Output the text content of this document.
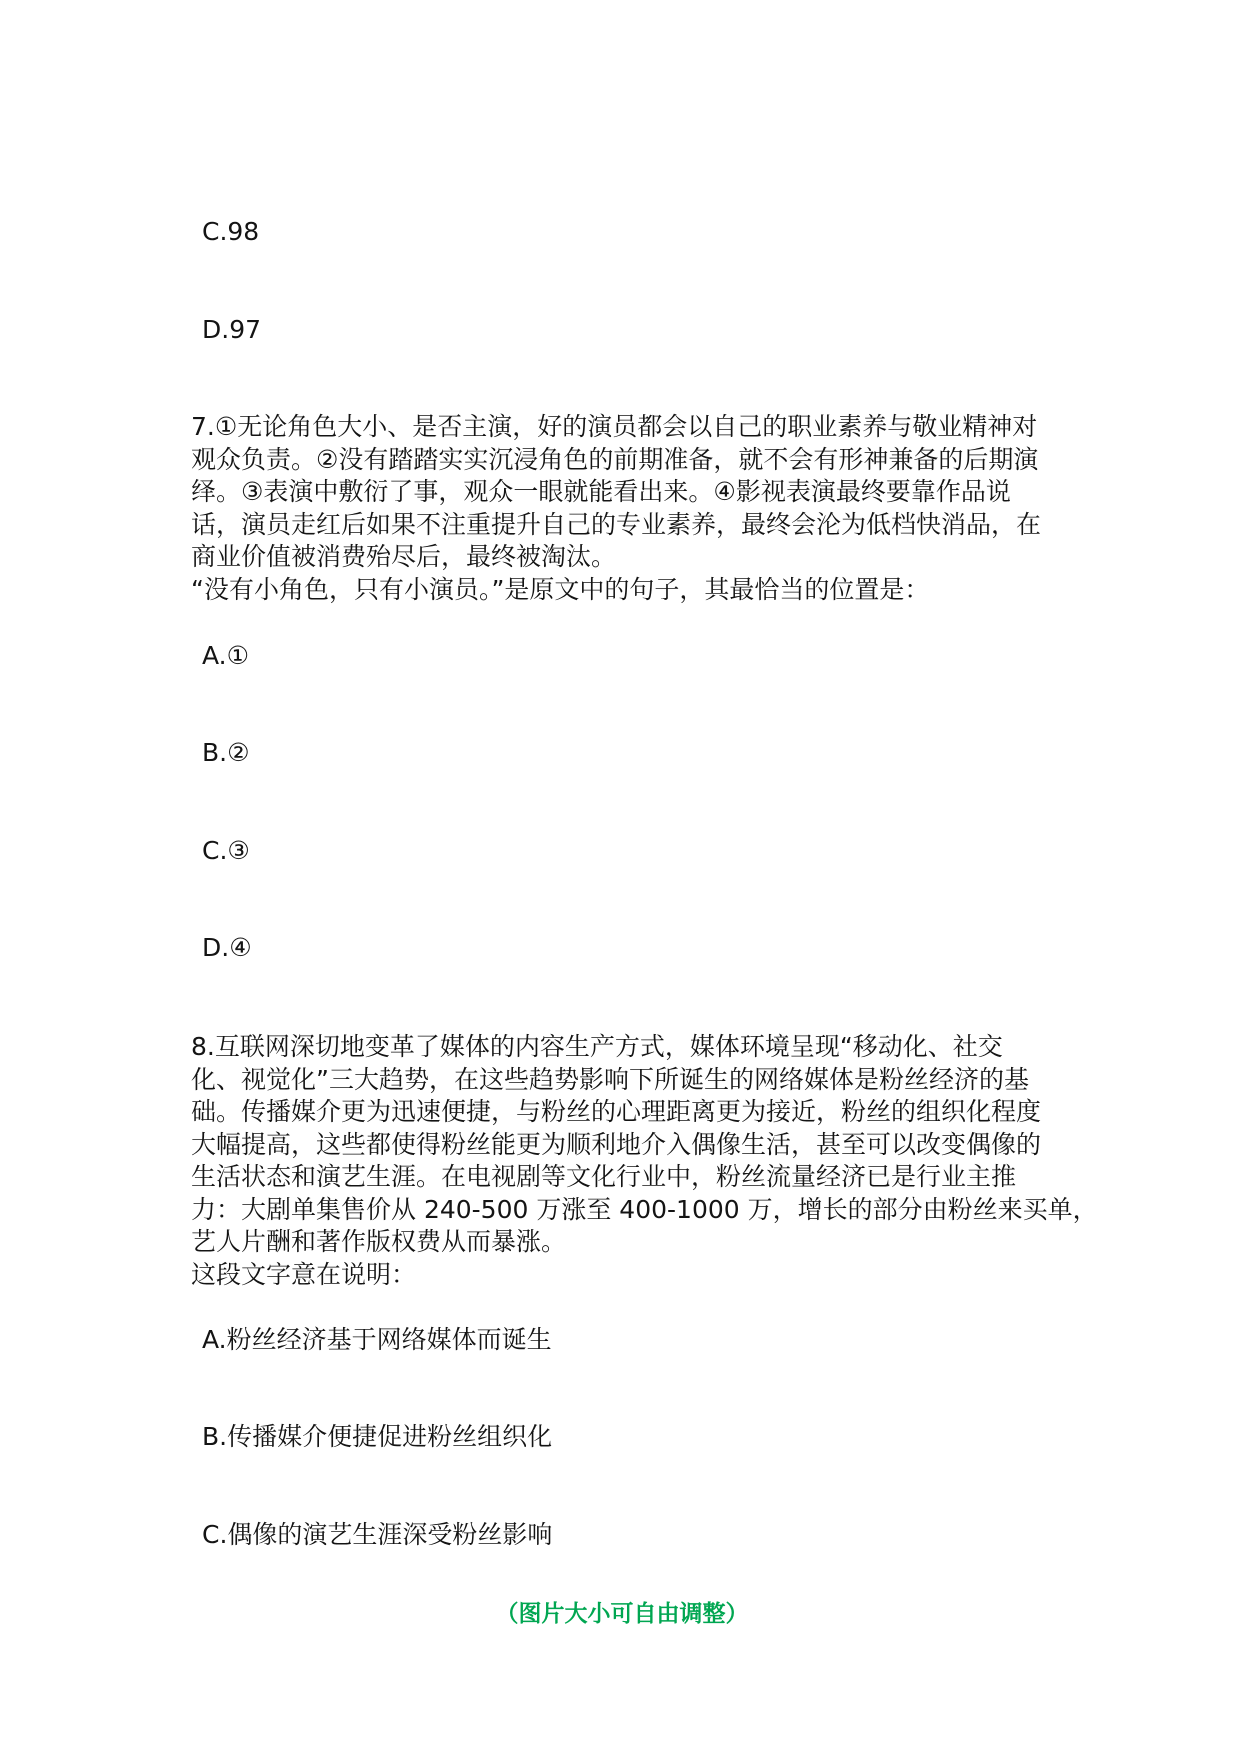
C.98
D.97
7.①无论角色大小、是否主演，好的演员都会以自己的职业素养与敬业精神对
观众负责。②没有踏踏实实沉浸角色的前期准备，就不会有形神兼备的后期演
绎。③表演中敷衍了事，观众一眼就能看出来。④影视表演最终要靠作品说
话，演员走红后如果不注重提升自己的专业素养，最终会沦为低档快消品，在
商业价值被消费殆尽后，最终被淘汰。
“没有小角色，只有小演员。”是原文中的句子，其最恰当的位置是：
A.①
B.②
C.③
D.④
8.互联网深切地变革了媒体的内容生产方式，媒体环境呈现“移动化、社交
化、视觉化”三大趋势，在这些趋势影响下所诞生的网络媒体是粉丝经济的基
础。传播媒介更为迅速便捷，与粉丝的心理距离更为接近，粉丝的组织化程度
大幅提高，这些都使得粉丝能更为顺利地介入偶像生活，甚至可以改变偶像的
生活状态和演艺生涯。在电视剧等文化行业中，粉丝流量经济已是行业主推
力：大剧单集售价从 240-500 万涨至 400-1000 万，增长的部分由粉丝来买单，
艺人片酬和著作版权费从而暴涨。
这段文字意在说明：
A.粉丝经济基于网络媒体而诞生
B.传播媒介便捷促进粉丝组织化
C.偶像的演艺生涯深受粉丝影响
（图片大小可自由调整）
